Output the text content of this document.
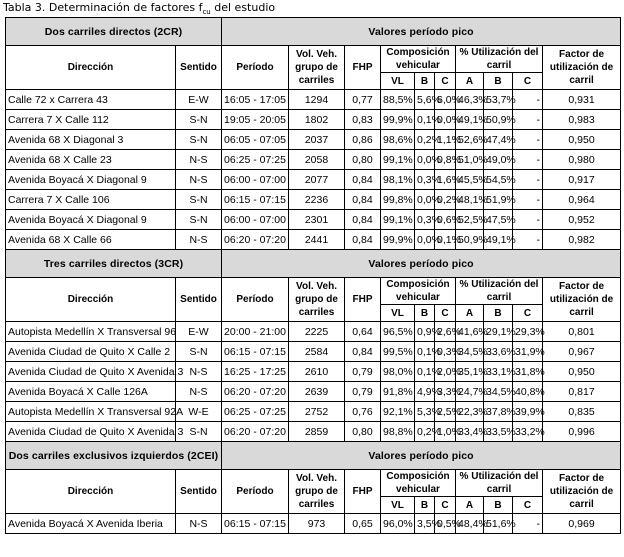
Tabla 3. Determinación de factores $f_{cu}$ del estudio
Dos carriles directos (2CR)		Valores período pico									
Dirección	Sentido	Período	Vol. Veh. grupo de carriles	FHP	Composición vehicular			% Utilización del carril			Factor de utilización de carril
					VL	B	C	A	B	C	
Calle 72 x Carrera 43	E-W	16:05 - 17:05	1294	0,77	88,5%	5,6%	6,0%	46,3%	53,7%	-	0,931
Carrera 7 X Calle 112	S-N	19:05 - 20:05	1802	0,83	99,9%	0,1%	0,0%	49,1%	50,9%	-	0,983
Avenida 68 X Diagonal 3	S-N	06:05 - 07:05	2037	0,86	98,6%	0,2%	1,1%	52,6%	47,4%	-	0,950
Avenida 68 X Calle 23	N-S	06:25 - 07:25	2058	0,80	99,1%	0,0%	0,8%	51,0%	49,0%	-	0,980
Avenida Boyacá X Diagonal 9	N-S	06:00 - 07:00	2077	0,84	98,1%	0,3%	1,6%	45,5%	54,5%	-	0,917
Carrera 7 X Calle 106	S-N	06:15 - 07:15	2236	0,84	99,8%	0,0%	0,2%	48,1%	51,9%	-	0,964
Avenida Boyacá X Diagonal 9	S-N	06:00 - 07:00	2301	0,84	99,1%	0,3%	0,6%	52,5%	47,5%	-	0,952
Avenida 68 X Calle 66	N-S	06:20 - 07:20	2441	0,84	99,9%	0,0%	0,1%	50,9%	49,1%	-	0,982
Tres carriles directos (3CR)		Valores período pico									
Dirección	Sentido	Período	Vol. Veh. grupo de carriles	FHP	Composición vehicular			% Utilización del carril			Factor de utilización de carril
					VL	B	C	A	B	C	
Autopista Medellín X Transversal 96	E-W	20:00 - 21:00	2225	0,64	96,5%	0,9%	2,6%	41,6%	29,1%	29,3%	0,801
Avenida Ciudad de Quito X Calle 2	S-N	06:15 - 07:15	2584	0,84	99,5%	0,1%	0,3%	34,5%	33,6%	31,9%	0,967
Avenida Ciudad de Quito X Avenida 3	N-S	16:25 - 17:25	2610	0,79	98,0%	0,1%	2,0%	35,1%	33,1%	31,8%	0,950
Avenida Boyacá X Calle 126A	N-S	06:20 - 07:20	2639	0,79	91,8%	4,9%	3,3%	24,7%	34,5%	40,8%	0,817
Autopista Medellín X Transversal 92A	W-E	06:25 - 07:25	2752	0,76	92,1%	5,3%	2,5%	22,3%	37,8%	39,9%	0,835
Avenida Ciudad de Quito X Avenida 3	S-N	06:20 - 07:20	2859	0,80	98,8%	0,2%	1,0%	33,4%	33,5%	33,2%	0,996
Dos carriles exclusivos izquierdos (2CEI)		Valores período pico									
Dirección	Sentido	Período	Vol. Veh. grupo de carriles	FHP	Composición vehicular			% Utilización del carril			Factor de utilización de carril
					VL	B	C	A	B	C	
Avenida Boyacá X Avenida Iberia	N-S	06:15 - 07:15	973	0,65	96,0%	3,5%	0,5%	48,4%	51,6%	-	0,969
